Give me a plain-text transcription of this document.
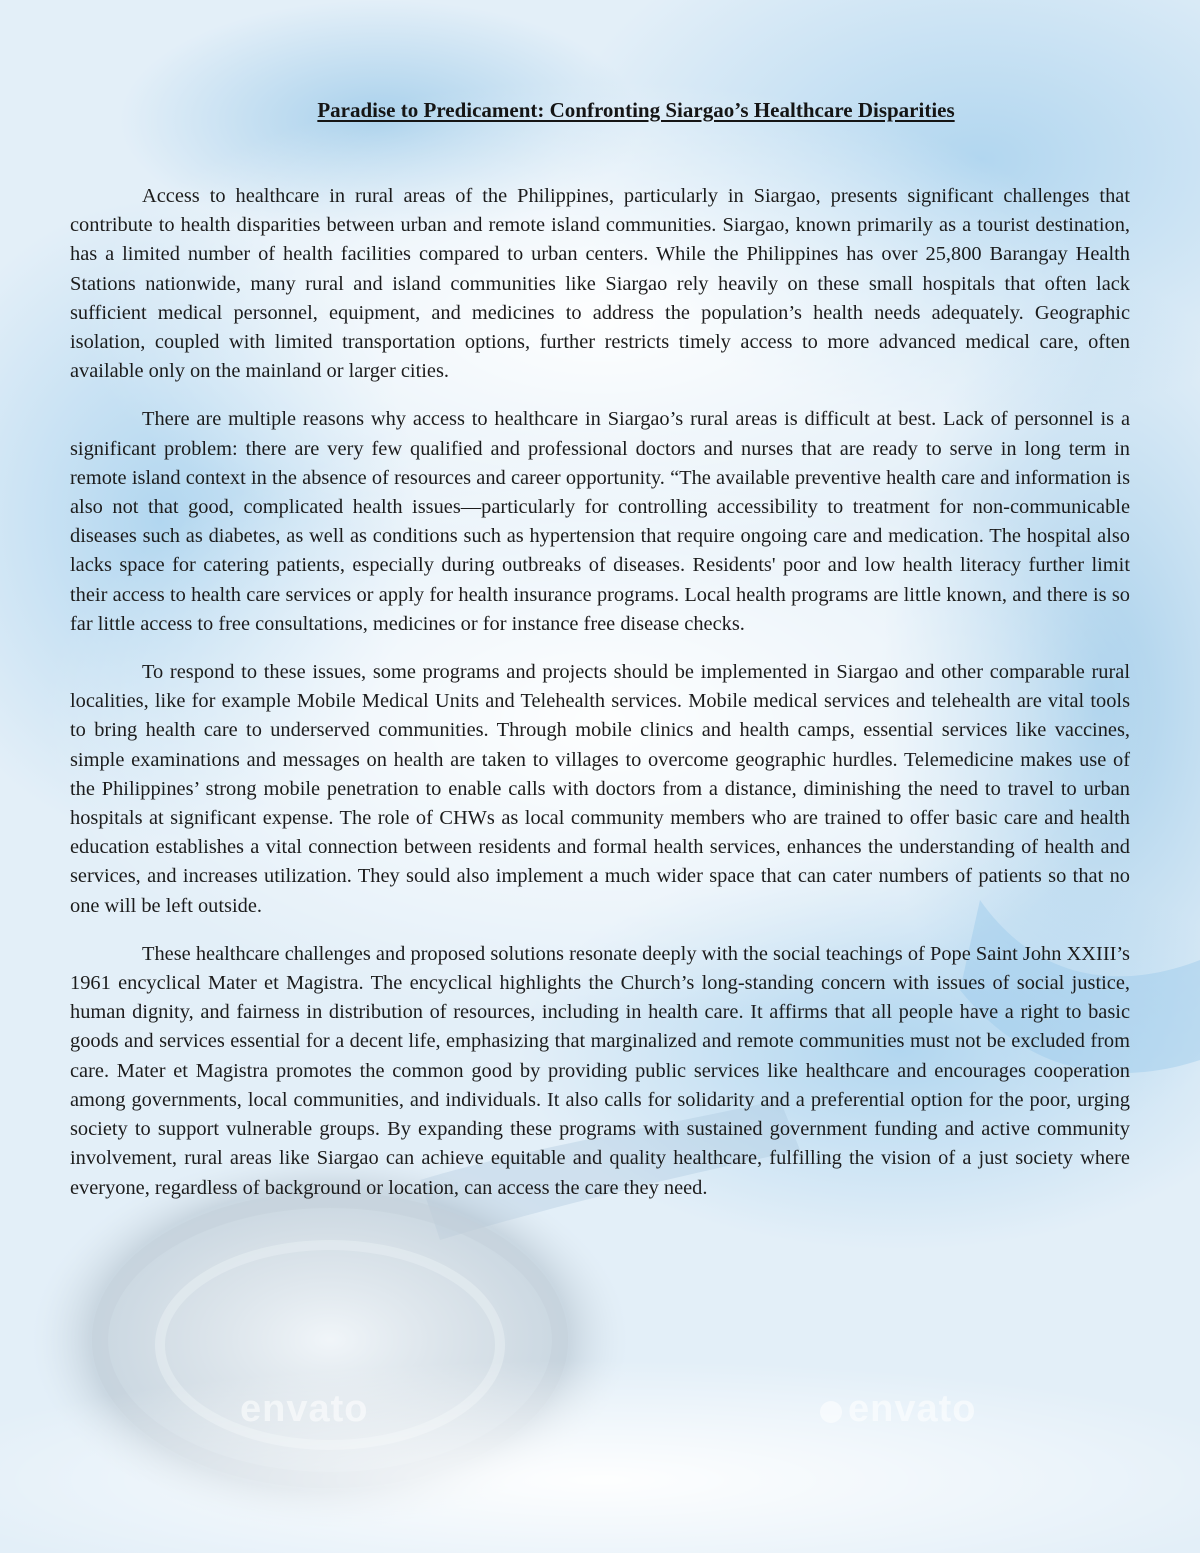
Paradise to Predicament: Confronting Siargao’s Healthcare Disparities

Access to healthcare in rural areas of the Philippines, particularly in Siargao, presents significant challenges that contribute to health disparities between urban and remote island communities. Siargao, known primarily as a tourist destination, has a limited number of health facilities compared to urban centers. While the Philippines has over 25,800 Barangay Health Stations nationwide, many rural and island communities like Siargao rely heavily on these small hospitals that often lack sufficient medical personnel, equipment, and medicines to address the population’s health needs adequately. Geographic isolation, coupled with limited transportation options, further restricts timely access to more advanced medical care, often available only on the mainland or larger cities.

There are multiple reasons why access to healthcare in Siargao’s rural areas is difficult at best. Lack of personnel is a significant problem: there are very few qualified and professional doctors and nurses that are ready to serve in long term in remote island context in the absence of resources and career opportunity. “The available preventive health care and information is also not that good, complicated health issues—particularly for controlling accessibility to treatment for non-communicable diseases such as diabetes, as well as conditions such as hypertension that require ongoing care and medication. The hospital also lacks space for catering patients, especially during outbreaks of diseases. Residents' poor and low health literacy further limit their access to health care services or apply for health insurance programs. Local health programs are little known, and there is so far little access to free consultations, medicines or for instance free disease checks.

To respond to these issues, some programs and projects should be implemented in Siargao and other comparable rural localities, like for example Mobile Medical Units and Telehealth services. Mobile medical services and telehealth are vital tools to bring health care to underserved communities. Through mobile clinics and health camps, essential services like vaccines, simple examinations and messages on health are taken to villages to overcome geographic hurdles. Telemedicine makes use of the Philippines’ strong mobile penetration to enable calls with doctors from a distance, diminishing the need to travel to urban hospitals at significant expense. The role of CHWs as local community members who are trained to offer basic care and health education establishes a vital connection between residents and formal health services, enhances the understanding of health and services, and increases utilization. They sould also implement a much wider space that can cater numbers of patients so that no one will be left outside.

These healthcare challenges and proposed solutions resonate deeply with the social teachings of Pope Saint John XXIII’s 1961 encyclical Mater et Magistra. The encyclical highlights the Church’s long-standing concern with issues of social justice, human dignity, and fairness in distribution of resources, including in health care. It affirms that all people have a right to basic goods and services essential for a decent life, emphasizing that marginalized and remote communities must not be excluded from care. Mater et Magistra promotes the common good by providing public services like healthcare and encourages cooperation among governments, local communities, and individuals. It also calls for solidarity and a preferential option for the poor, urging society to support vulnerable groups. By expanding these programs with sustained government funding and active community involvement, rural areas like Siargao can achieve equitable and quality healthcare, fulfilling the vision of a just society where everyone, regardless of background or location, can access the care they need.

envato	envato
